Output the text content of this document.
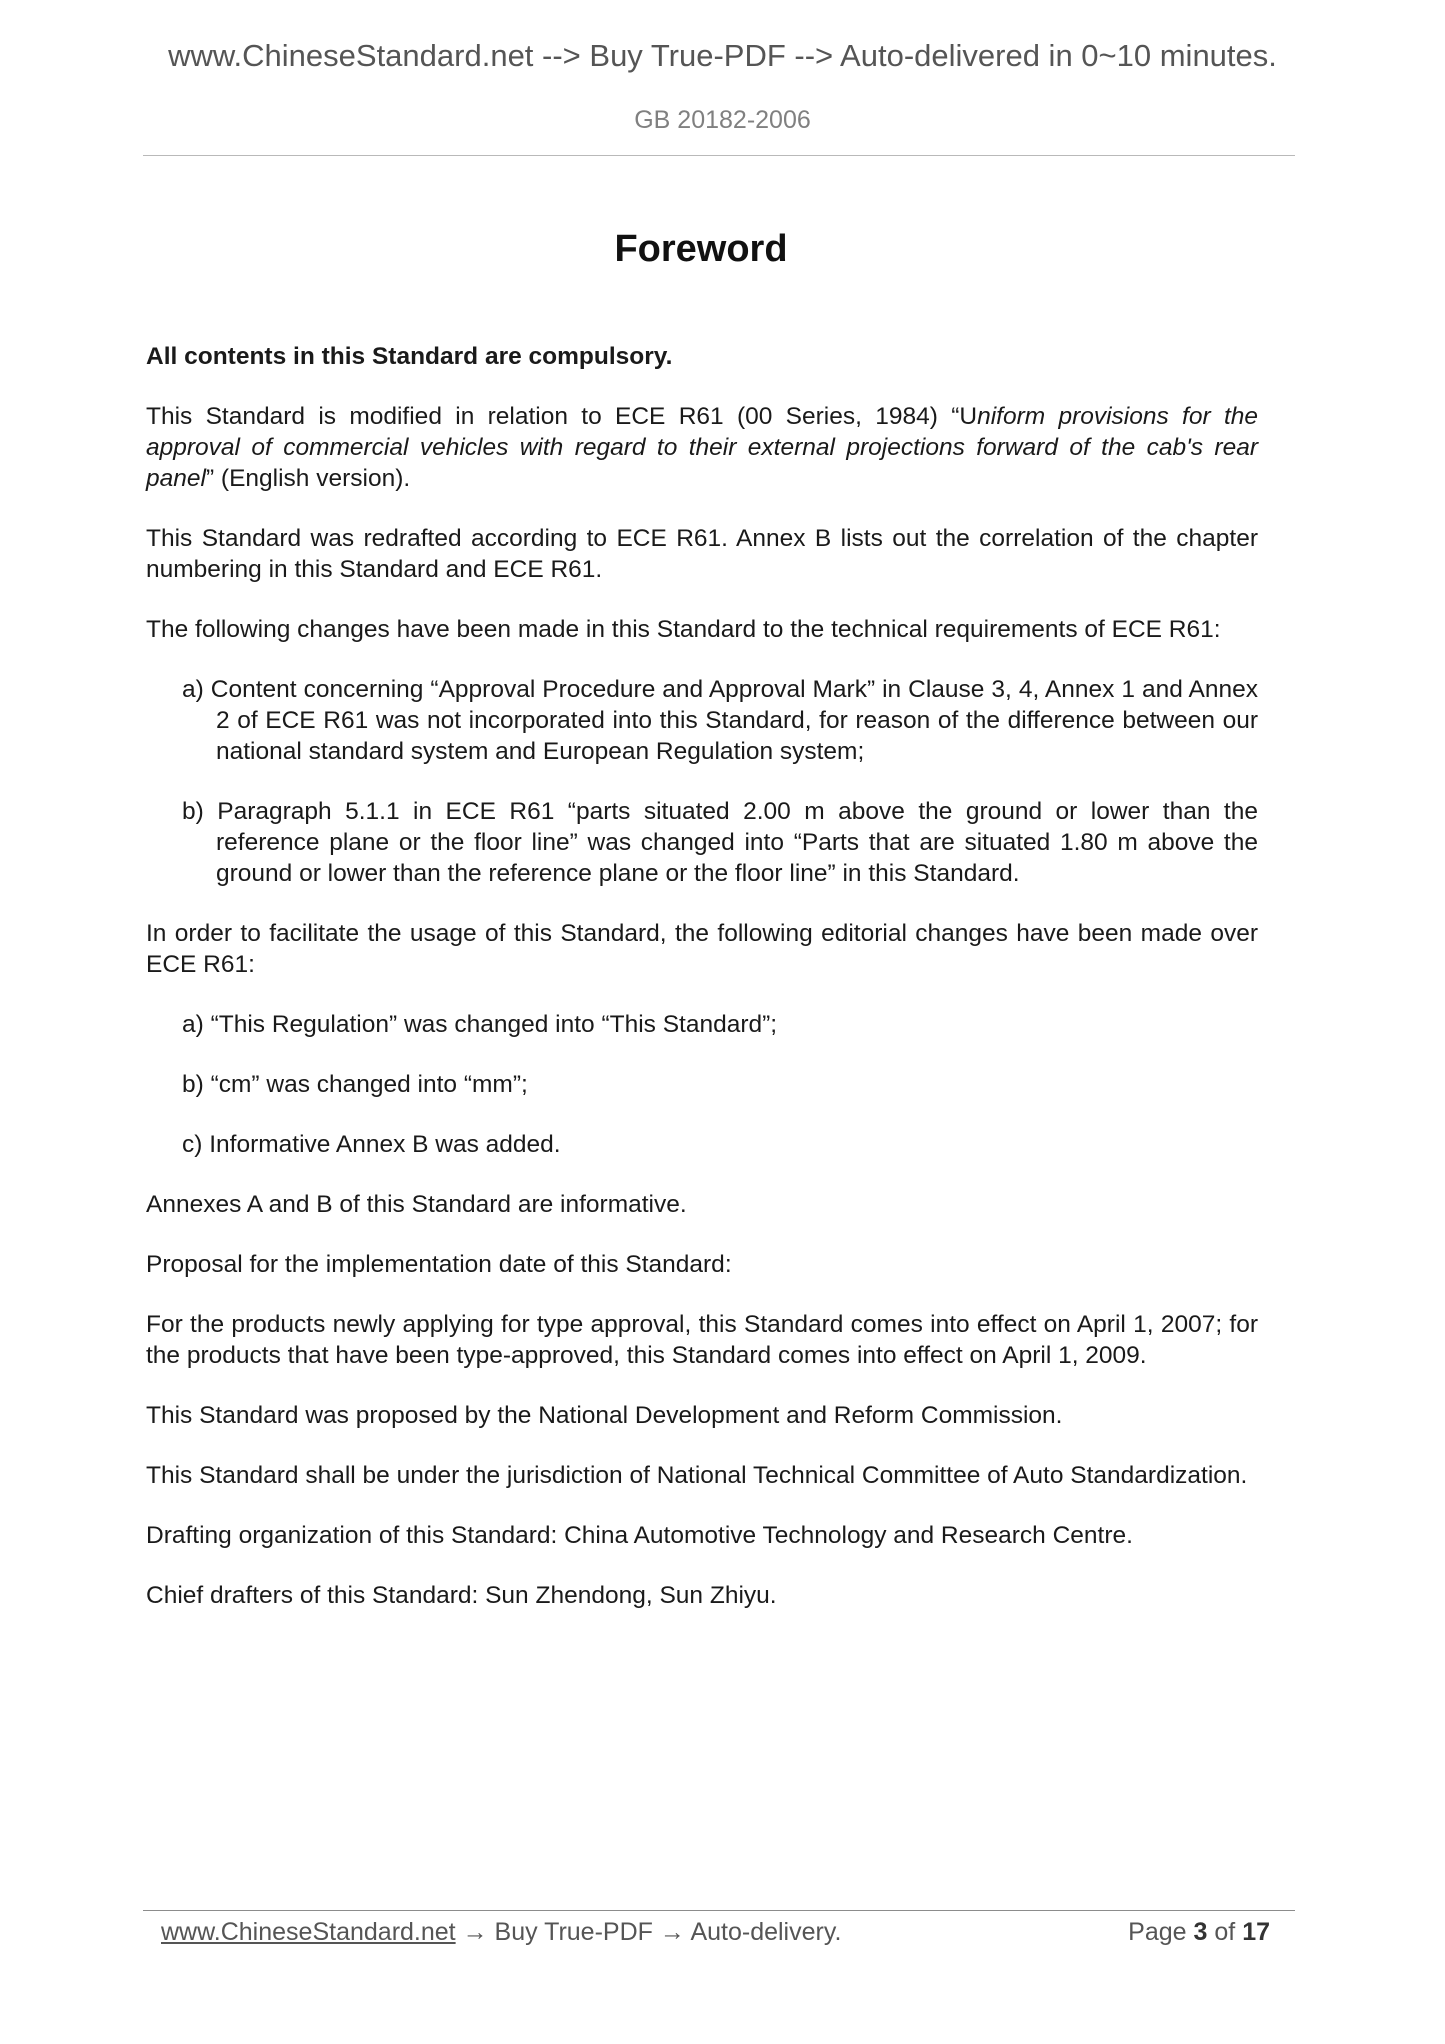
www.ChineseStandard.net --> Buy True-PDF --> Auto-delivered in 0~10 minutes.
GB 20182-2006
Foreword

All contents in this Standard are compulsory.

This Standard is modified in relation to ECE R61 (00 Series, 1984) “Uniform provisions for the approval of commercial vehicles with regard to their external projections forward of the cab's rear panel” (English version).

This Standard was redrafted according to ECE R61. Annex B lists out the correlation of the chapter numbering in this Standard and ECE R61.

The following changes have been made in this Standard to the technical requirements of ECE R61:

a) Content concerning “Approval Procedure and Approval Mark” in Clause 3, 4, Annex 1 and Annex 2 of ECE R61 was not incorporated into this Standard, for reason of the difference between our national standard system and European Regulation system;
b) Paragraph 5.1.1 in ECE R61 “parts situated 2.00 m above the ground or lower than the reference plane or the floor line” was changed into “Parts that are situated 1.80 m above the ground or lower than the reference plane or the floor line” in this Standard.

In order to facilitate the usage of this Standard, the following editorial changes have been made over ECE R61:

a) “This Regulation” was changed into “This Standard”;
b) “cm” was changed into “mm”;
c) Informative Annex B was added.

Annexes A and B of this Standard are informative.

Proposal for the implementation date of this Standard:

For the products newly applying for type approval, this Standard comes into effect on April 1, 2007; for the products that have been type-approved, this Standard comes into effect on April 1, 2009.

This Standard was proposed by the National Development and Reform Commission.

This Standard shall be under the jurisdiction of National Technical Committee of Auto Standardization.

Drafting organization of this Standard: China Automotive Technology and Research Centre.

Chief drafters of this Standard: Sun Zhendong, Sun Zhiyu.

www.ChineseStandard.net → Buy True-PDF → Auto-delivery.	Page 3 of 17
